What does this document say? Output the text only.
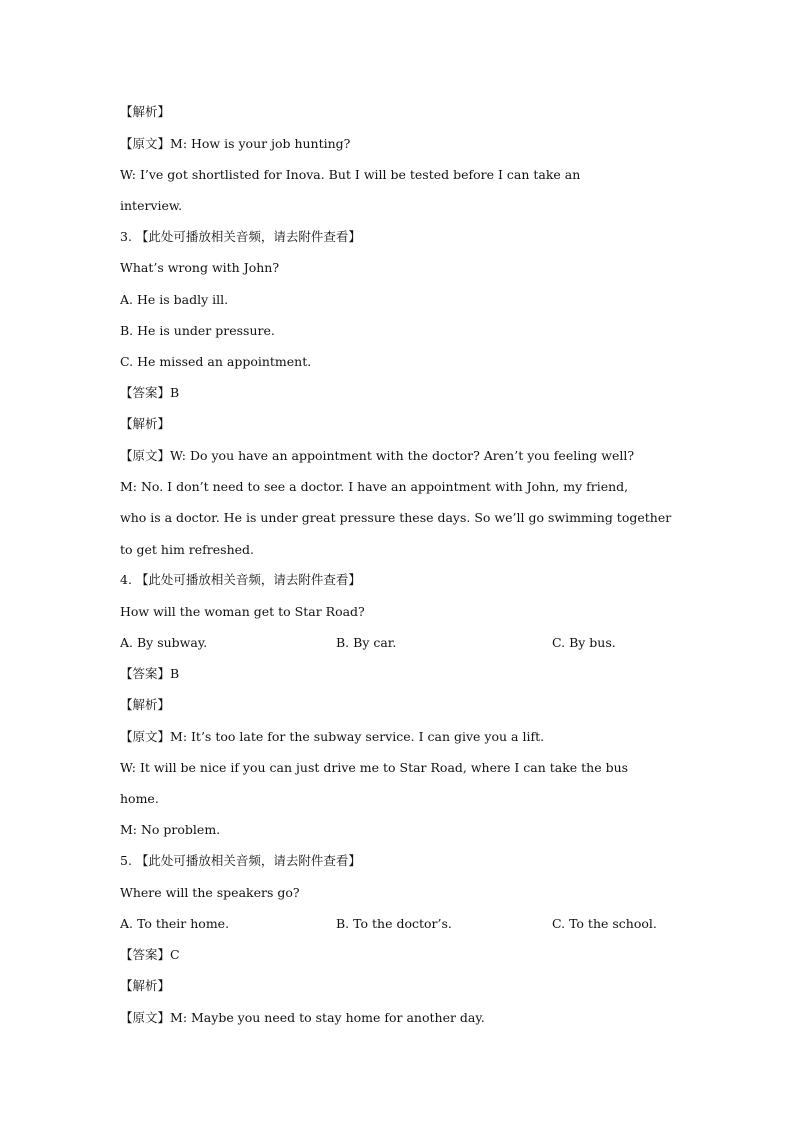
【解析】
【原文】M: How is your job hunting?
W: I’ve got shortlisted for Inova. But I will be tested before I can take an
interview.
3. 【此处可播放相关音频，请去附件查看】
What’s wrong with John?
A. He is badly ill.
B. He is under pressure.
C. He missed an appointment.
【答案】B
【解析】
【原文】W: Do you have an appointment with the doctor? Aren’t you feeling well?
M: No. I don’t need to see a doctor. I have an appointment with John, my friend,
who is a doctor. He is under great pressure these days. So we’ll go swimming together
to get him refreshed.
4. 【此处可播放相关音频，请去附件查看】
How will the woman get to Star Road?
A. By subway.	B. By car.	C. By bus.
【答案】B
【解析】
【原文】M: It’s too late for the subway service. I can give you a lift.
W: It will be nice if you can just drive me to Star Road, where I can take the bus
home.
M: No problem.
5. 【此处可播放相关音频，请去附件查看】
Where will the speakers go?
A. To their home.	B. To the doctor’s.	C. To the school.
【答案】C
【解析】
【原文】M: Maybe you need to stay home for another day.
